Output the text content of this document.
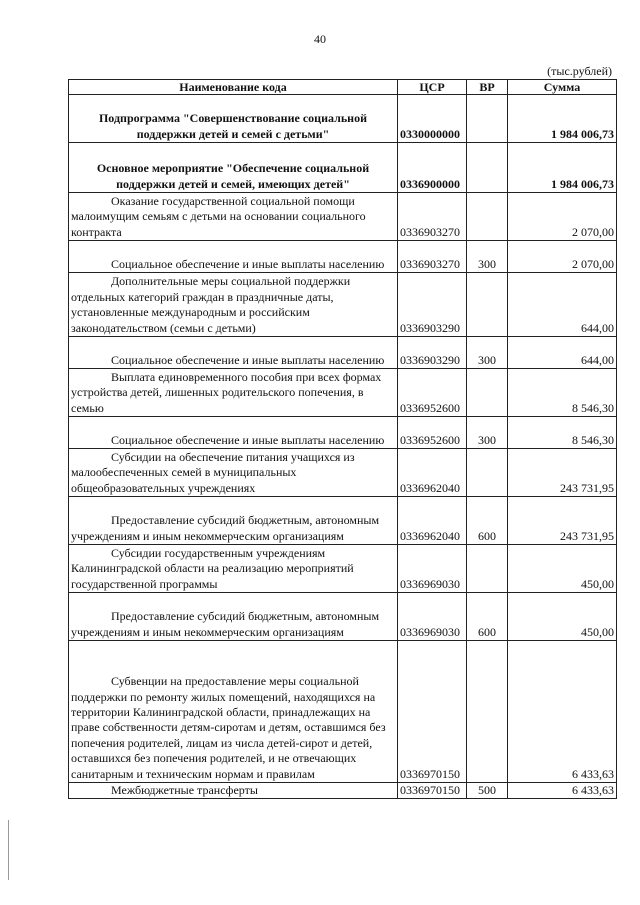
40
(тыс.рублей)
Наименование кода	ЦСР	ВР	Сумма
Подпрограмма "Совершенствование социальной поддержки детей и семей с детьми"	0330000000		1 984 006,73
Основное мероприятие "Обеспечение социальной поддержки детей и семей, имеющих детей"	0336900000		1 984 006,73
Оказание государственной социальной помощи малоимущим семьям с детьми на основании социального контракта	0336903270		2 070,00
Социальное обеспечение и иные выплаты населению	0336903270	300	2 070,00
Дополнительные меры социальной поддержки отдельных категорий граждан в праздничные даты, установленные международным и российским законодательством (семьи с детьми)	0336903290		644,00
Социальное обеспечение и иные выплаты населению	0336903290	300	644,00
Выплата единовременного пособия при всех формах устройства детей, лишенных родительского попечения, в семью	0336952600		8 546,30
Социальное обеспечение и иные выплаты населению	0336952600	300	8 546,30
Субсидии на обеспечение питания учащихся из малообеспеченных семей в муниципальных общеобразовательных учреждениях	0336962040		243 731,95
Предоставление субсидий бюджетным, автономным учреждениям и иным некоммерческим организациям	0336962040	600	243 731,95
Субсидии государственным учреждениям Калининградской области на реализацию мероприятий государственной программы	0336969030		450,00
Предоставление субсидий бюджетным, автономным учреждениям и иным некоммерческим организациям	0336969030	600	450,00
Субвенции на предоставление меры социальной поддержки по ремонту жилых помещений, находящихся на территории Калининградской области, принадлежащих на праве собственности детям-сиротам и детям, оставшимся без попечения родителей, лицам из числа детей-сирот и детей, оставшихся без попечения родителей, и не отвечающих санитарным и техническим нормам и правилам	0336970150		6 433,63
Межбюджетные трансферты	0336970150	500	6 433,63
